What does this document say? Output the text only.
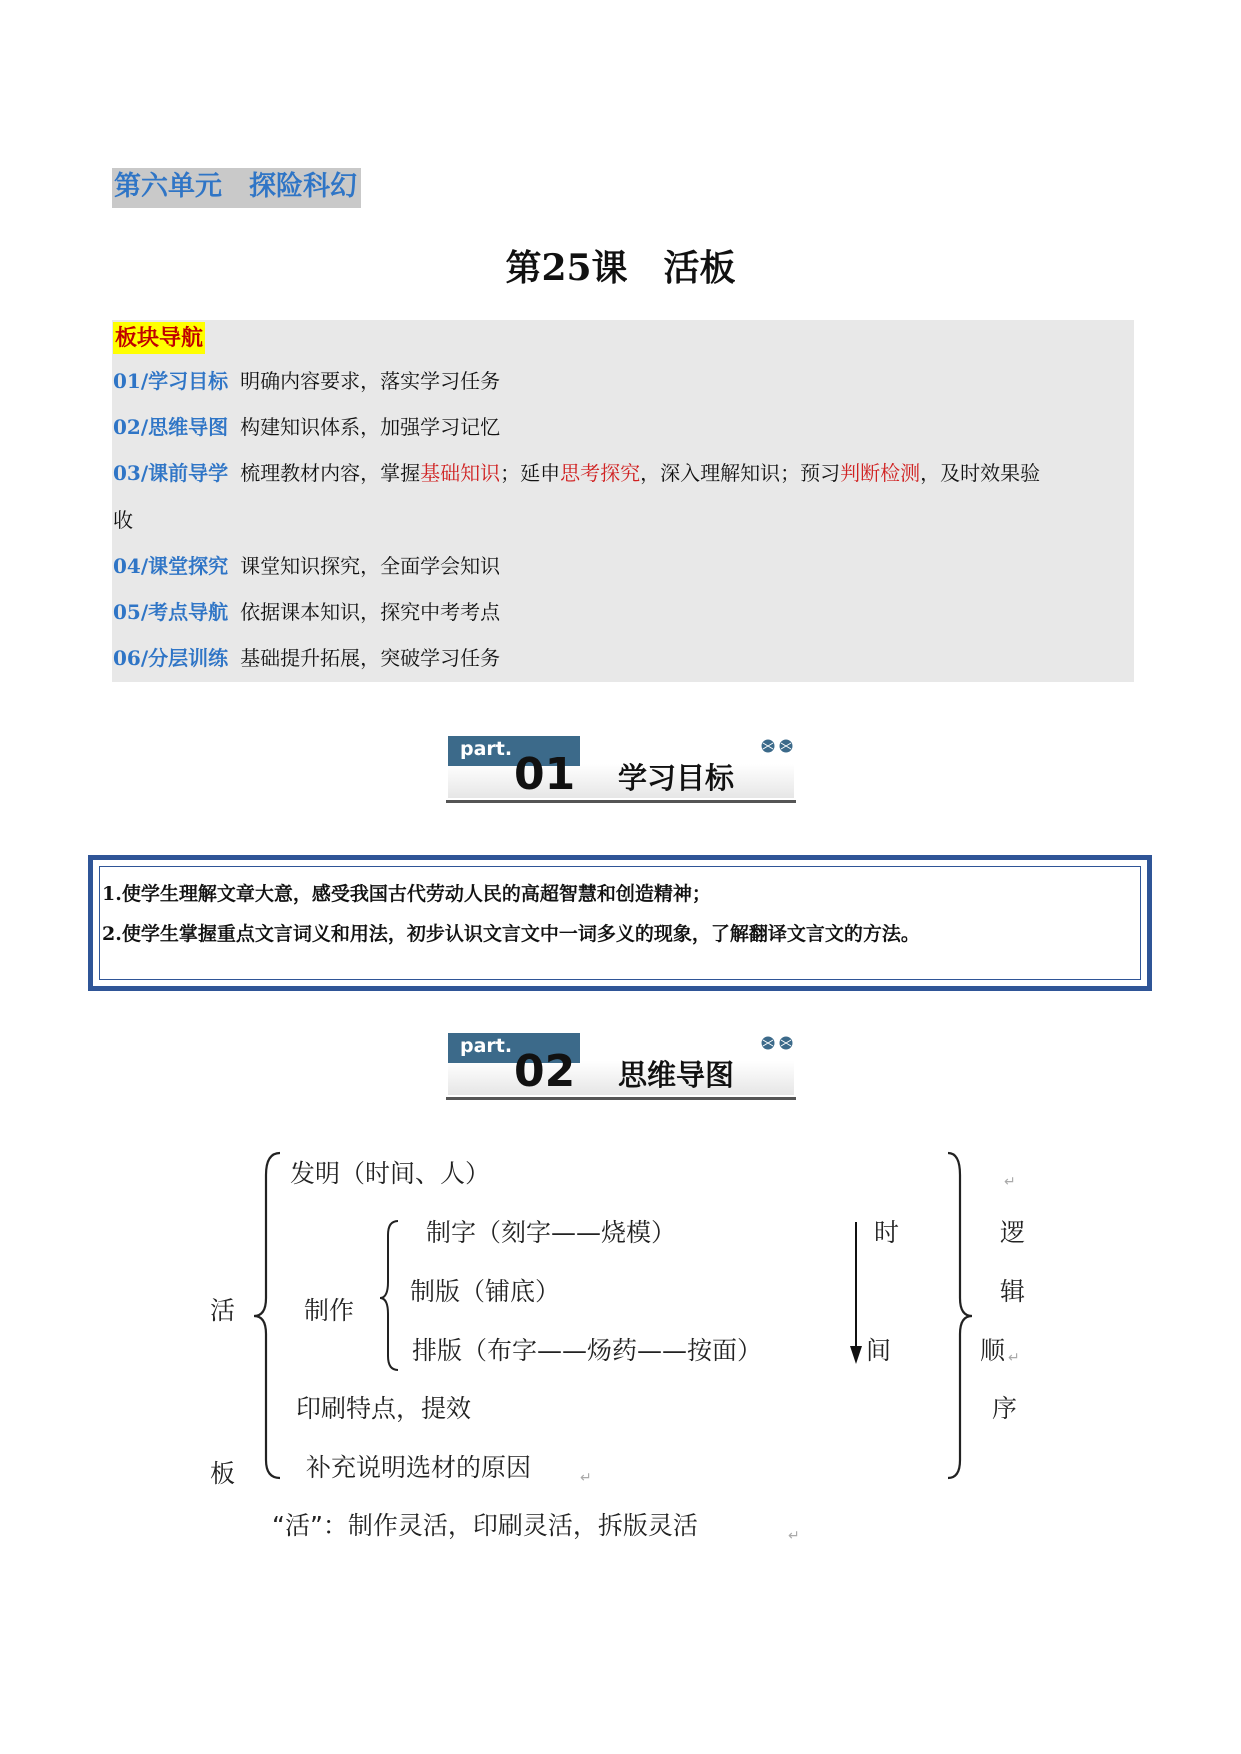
第六单元　探险科幻
第25课　活板
板块导航
01/学习目标 明确内容要求，落实学习任务
02/思维导图 构建知识体系，加强学习记忆
03/课前导学 梳理教材内容，掌握基础知识；延申思考探究，深入理解知识；预习判断检测，及时效果验
收
04/课堂探究 课堂知识探究，全面学会知识
05/考点导航 依据课本知识，探究中考考点
06/分层训练 基础提升拓展，突破学习任务
part. 01 学习目标
1.使学生理解文章大意，感受我国古代劳动人民的高超智慧和创造精神；
2.使学生掌握重点文言词义和用法，初步认识文言文中一词多义的现象，了解翻译文言文的方法。
part. 02 思维导图
活
板
发明（时间、人）
制作
制字（刻字——烧模）
制版（铺底）
排版（布字——炀药——按面）
时
间
印刷特点，提效
补充说明选材的原因	↵
↵
逻
辑
顺 ↵
序
“活”：制作灵活，印刷灵活，拆版灵活	↵
